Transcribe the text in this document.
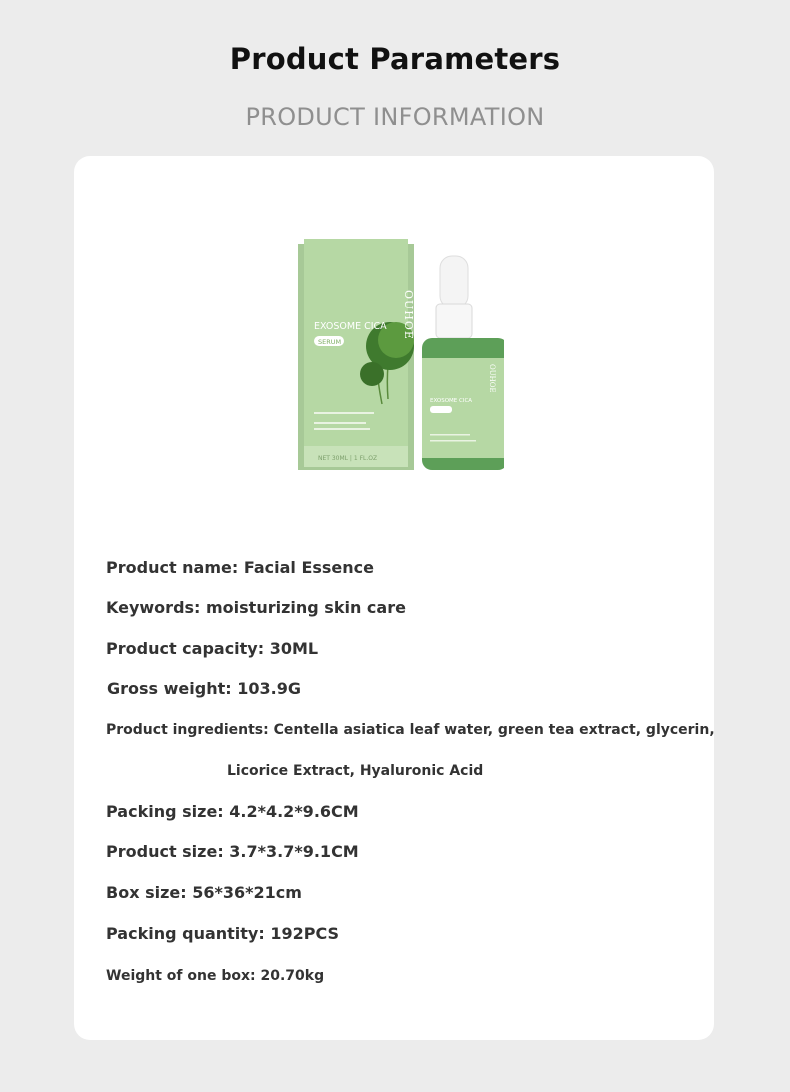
Product Parameters
PRODUCT INFORMATION
OUHOE
EXOSOME CICA
SERUM
NET 30ML | 1 FL.OZ
OUHOE
EXOSOME CICA
Product name: Facial Essence
Keywords: moisturizing skin care
Product capacity: 30ML
Gross weight: 103.9G
Product ingredients: Centella asiatica leaf water, green tea extract, glycerin,
Licorice Extract, Hyaluronic Acid
Packing size: 4.2*4.2*9.6CM
Product size: 3.7*3.7*9.1CM
Box size: 56*36*21cm
Packing quantity: 192PCS
Weight of one box: 20.70kg
